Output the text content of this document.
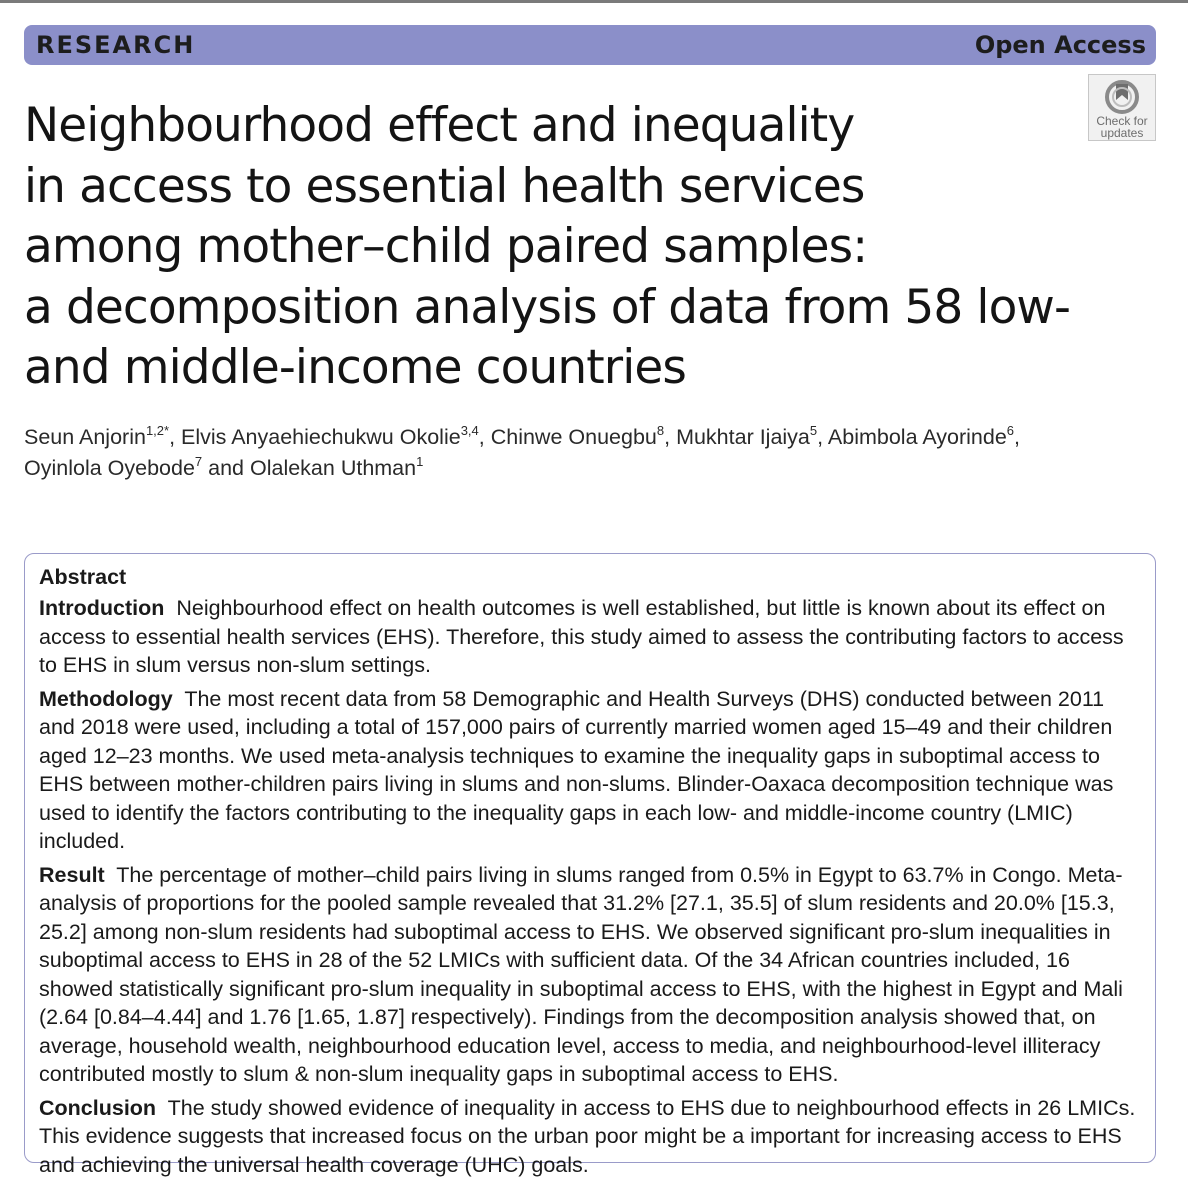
RESEARCH	Open Access
Check for
updates
Neighbourhood effect and inequality
in access to essential health services
among mother–child paired samples:
a decomposition analysis of data from 58 low-
and middle-income countries

Seun Anjorin$^{1,2*}$, Elvis Anyaehiechukwu Okolie$^{3,4}$, Chinwe Onuegbu$^8$, Mukhtar Ijaiya$^5$, Abimbola Ayorinde$^6$,
Oyinlola Oyebode$^7$ and Olalekan Uthman$^1$

Abstract

Introduction Neighbourhood effect on health outcomes is well established, but little is known about its effect on access to essential health services (EHS). Therefore, this study aimed to assess the contributing factors to access to EHS in slum versus non-slum settings.

Methodology The most recent data from 58 Demographic and Health Surveys (DHS) conducted between 2011 and 2018 were used, including a total of 157,000 pairs of currently married women aged 15–49 and their children aged 12–23 months. We used meta-analysis techniques to examine the inequality gaps in suboptimal access to EHS between mother-children pairs living in slums and non-slums. Blinder-Oaxaca decomposition technique was used to identify the factors contributing to the inequality gaps in each low- and middle-income country (LMIC) included.

Result The percentage of mother–child pairs living in slums ranged from 0.5% in Egypt to 63.7% in Congo. Meta-analysis of proportions for the pooled sample revealed that 31.2% [27.1, 35.5] of slum residents and 20.0% [15.3, 25.2] among non-slum residents had suboptimal access to EHS. We observed significant pro-slum inequalities in suboptimal access to EHS in 28 of the 52 LMICs with sufficient data. Of the 34 African countries included, 16 showed statistically significant pro-slum inequality in suboptimal access to EHS, with the highest in Egypt and Mali (2.64 [0.84–4.44] and 1.76 [1.65, 1.87] respectively). Findings from the decomposition analysis showed that, on average, household wealth, neighbourhood education level, access to media, and neighbourhood-level illiteracy contributed mostly to slum & non-slum inequality gaps in suboptimal access to EHS.

Conclusion The study showed evidence of inequality in access to EHS due to neighbourhood effects in 26 LMICs. This evidence suggests that increased focus on the urban poor might be a important for increasing access to EHS and achieving the universal health coverage (UHC) goals.
